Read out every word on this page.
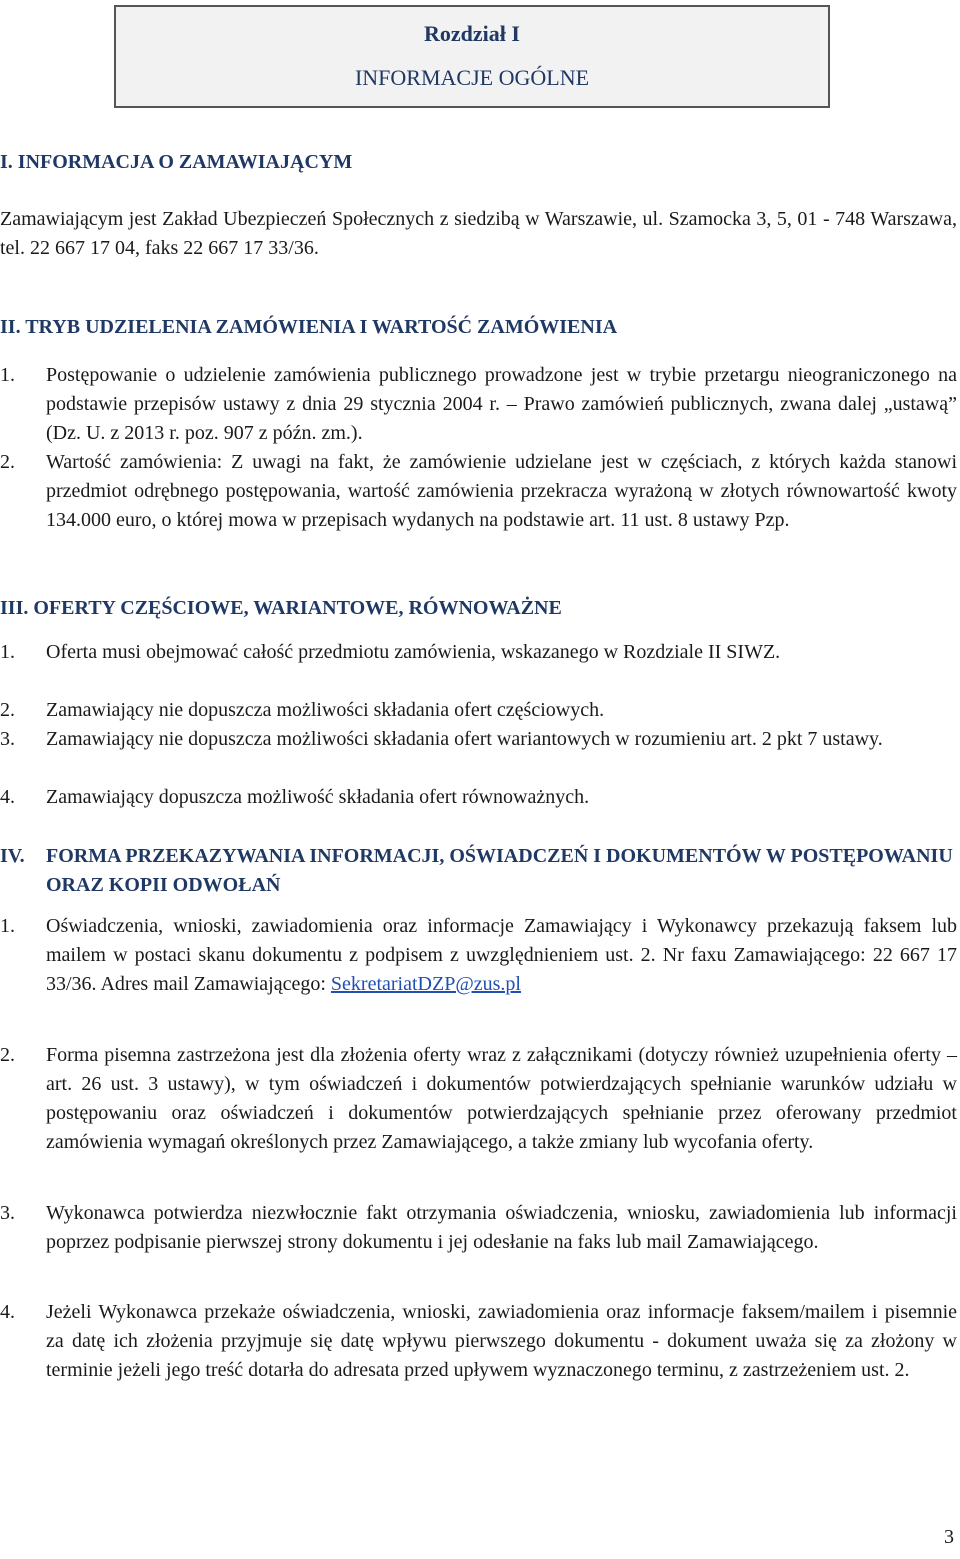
Rozdział I
INFORMACJE OGÓLNE
I. INFORMACJA O ZAMAWIAJĄCYM
Zamawiającym jest Zakład Ubezpieczeń Społecznych z siedzibą w Warszawie, ul. Szamocka 3, 5, 01 - 748 Warszawa, tel. 22 667 17 04, faks 22 667 17 33/36.
II. TRYB UDZIELENIA ZAMÓWIENIA I WARTOŚĆ ZAMÓWIENIA
1. Postępowanie o udzielenie zamówienia publicznego prowadzone jest w trybie przetargu nieograniczonego na podstawie przepisów ustawy z dnia 29 stycznia 2004 r. – Prawo zamówień publicznych, zwana dalej „ustawą” (Dz. U. z 2013 r. poz. 907 z późn. zm.).
2. Wartość zamówienia: Z uwagi na fakt, że zamówienie udzielane jest w częściach, z których każda stanowi przedmiot odrębnego postępowania, wartość zamówienia przekracza wyrażoną w złotych równowartość kwoty 134.000 euro, o której mowa w przepisach wydanych na podstawie art. 11 ust. 8 ustawy Pzp.
III. OFERTY CZĘŚCIOWE, WARIANTOWE, RÓWNOWAŻNE
1. Oferta musi obejmować całość przedmiotu zamówienia, wskazanego w Rozdziale II SIWZ.
2. Zamawiający nie dopuszcza możliwości składania ofert częściowych.
3. Zamawiający nie dopuszcza możliwości składania ofert wariantowych w rozumieniu art. 2 pkt 7 ustawy.
4. Zamawiający dopuszcza możliwość składania ofert równoważnych.
IV. FORMA PRZEKAZYWANIA INFORMACJI, OŚWIADCZEŃ I DOKUMENTÓW W POSTĘPOWANIU ORAZ KOPII ODWOŁAŃ
1. Oświadczenia, wnioski, zawiadomienia oraz informacje Zamawiający i Wykonawcy przekazują faksem lub mailem w postaci skanu dokumentu z podpisem z uwzględnieniem ust. 2. Nr faxu Zamawiającego: 22 667 17 33/36. Adres mail Zamawiającego: SekretariatDZP@zus.pl
2. Forma pisemna zastrzeżona jest dla złożenia oferty wraz z załącznikami (dotyczy również uzupełnienia oferty – art. 26 ust. 3 ustawy), w tym oświadczeń i dokumentów potwierdzających spełnianie warunków udziału w postępowaniu oraz oświadczeń i dokumentów potwierdzających spełnianie przez oferowany przedmiot zamówienia wymagań określonych przez Zamawiającego, a także zmiany lub wycofania oferty.
3. Wykonawca potwierdza niezwłocznie fakt otrzymania oświadczenia, wniosku, zawiadomienia lub informacji poprzez podpisanie pierwszej strony dokumentu i jej odesłanie na faks lub mail Zamawiającego.
4. Jeżeli Wykonawca przekaże oświadczenia, wnioski, zawiadomienia oraz informacje faksem/mailem i pisemnie za datę ich złożenia przyjmuje się datę wpływu pierwszego dokumentu - dokument uważa się za złożony w terminie jeżeli jego treść dotarła do adresata przed upływem wyznaczonego terminu, z zastrzeżeniem ust. 2.
3
